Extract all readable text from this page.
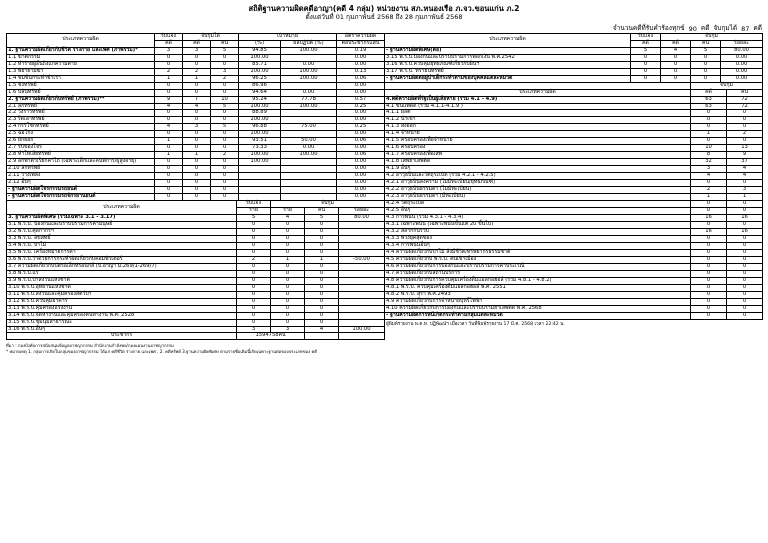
สถิติฐานความผิดคดีอาญา(คดี 4 กลุ่ม) หน่วยงาน สภ.หนองเรือ ภ.จว.ขอนแก่น ภ.2
ตั้งแต่วันที่ 01 กุมภาพันธ์ 2568 ถึง 28 กุมภาพันธ์ 2568

จำนวนคดีที่รับคำร้องทุกข์ 90 คดี จับกุมได้ 87 คดี
ประเภทความผิด	รับแจ้ง	จับกุมได้		เป้าหมาย		อัตราความผิด
	คดี	คดี	คน	(%)	ผลปฏิบัติ (%)	ต่อประชากรแสน
1. ฐานความผิดเกี่ยวกับชีวิต ร่างกาย และเพศ (ภาพรวม)*	3	3	5	94.85	100.00	0.19
1.1 ฆาตกรรม	0	0	0	100.00		0.00
1.2 ทำร้ายผู้อื่นถึงแก่ความตาย	0	0	0	85.71	0.00	0.00
1.3 พยายามฆ่า	2	2	3	100.00	100.00	0.13
1.4 ข่มขืนกระทำชำเรา	1	1	2	96.25	100.00	0.06
1.5 ชิงทรัพย์	0	0	0	86.96		0.00
1.6 ปล้นทรัพย์	0	0	0	94.64	0.00	0.00
2. ฐานความผิดเกี่ยวกับทรัพย์ (ภาพรวม)**	9	7	10	95.24	77.78	0.57
2.1 ลักทรัพย์	4	4	5	100.00	100.00	0.25
2.2 วิ่งราวทรัพย์	0	0	0	88.89		0.00
2.3 รีดเอาทรัพย์	0	0	0	100.00		0.00
2.4 กรรโชกทรัพย์	4	3	5	96.88	75.00	0.25
2.5 ฉ้อโกง	0	0	0	100.00		0.00
2.6 ยักยอก	1	0	0	93.51	50.00	0.06
2.7 รับของโจร	0	0	0	73.33	0.00	0.00
2.8 ทำให้เสียทรัพย์	1	1	2	100.00	100.00	0.06
2.9 ลักพาตัวเรียกค่าไถ่ (เฉพาะเด็กและคนพิการ/ผู้สูงอายุ)	0	0	0	100.00		0.00
2.10 ลักทรัพย์	0	0	0			0.00
2.11 วางเพลิง	0	0	0			0.00
2.12 อื่นๆ	0	0	0			0.00
- ฐานความผิดโจรกรรมรถยนต์	0	0	0			0.00
- ฐานความผิดโจรกรรมรถจักรยานยนต์	0	0	0			0.00
ประเภทความผิด	รับแจ้ง	จับกุม		
	ราย	ราย	คน	ร้อยละ
3. ฐานความผิดพิเศษ (รวมเฉพาะ 3.1 - 3.17)	5	4	5	80.00
3.1 พ.ร.บ. ป้องกันและปราบปรามการค้ามนุษย์	0	0	0	
3.2 พ.ร.บ.ศุลกากรฯ	0	0	0	
3.3 พ.ร.บ. ลิขสิทธิ์	0	0	0	
3.4 พ.ร.บ. ป่าไม้	0	0	0	
3.5 พ.ร.บ. เครื่องหมายการค้า	0	0	0	
3.6 พ.ร.บ.ว่าด้วยการกระทำผิดเกี่ยวกับคอมพิวเตอร์	2	1	1	-50.00
3.7 ความผิดเกี่ยวกับบัตรอิเล็กทรอนิกส์ (ป.อาญา ม.269/1-269/7)	0	0	0	
3.8 พ.ร.บ.แร่	0	0	0	
3.9 พ.ร.บ.ป่าสงวนแห่งชาติ	0	0	0	
3.10 พ.ร.บ.อุทยานแห่งชาติ	0	0	0	
3.11 พ.ร.บ.สงวนและคุ้มครองสัตว์ป่า	0	0	0	
3.12 พ.ร.บ.ควบคุมอาคาร	0	0	0	
3.13 พ.ร.บ.คุ้มครองแรงงาน	0	0	0	
3.14 พ.ร.บ.จัดหางานและคุ้มครองคนหางาน พ.ศ. 2528	0	0	0	
3.15 พ.ร.บ.ชุมนุมสาธารณะ	0	0	0	
3.16 พ.ร.บ.อื่นๆ	3	3	4	100.00
ประชากร	1594758คน			
ประเภทความผิด	รับแจ้ง	จับกุม		
	คดี	คดี	คน	ร้อยละ
- ฐานความผิดพิเศษ(ต่อ)	5	4	5	80.00
3.15 พ.ร.บ.ป้องกันและปราบปรามการฟอกเงิน พ.ศ.2542	0	0	0	0.00
3.16 พ.ร.บ.ควบคุมยุทธภัณฑ์เกี่ยวกับฝิ่นฯ	0	0	0	0.00
3.17 พ.ร.บ. ทรายนทรัพย์	0	0	0	0.00
- ฐานความผิดต่อผู้บำเด็กระทำตามของบุคคลแต่ละหมวด	0	0	0	0.00
	จับกุม	
ประเภทความผิด	คดี	คน
4.คดีความผิดที่รัฐเป็นผู้เสียหาย (รวม 4.1 - 4.9)	63	72
4.1 ขนแพดิด (รวม 4.1.1-4.1.9 )	63	72
4.1.1 ผลิต	0	0
4.1.2 นำเข้า	0	0
4.1.3 ส่งออก	0	0
4.1.4 จำหน่าย	1	2
4.1.5 ครอบครองเพื่อจำหน่าย	0	0
4.1.6 ครอบครอง	10	13
4.1.7 ครอบครองเพื่อเสพ	8	9
4.1.8 เสพยาเสพติด	32	37
4.1.9 อื่นๆ	3	4
4.2 อาวุธปืนและวัตถุระเบิด (รวม 4.2.1 - 4.2.5)	4	4
4.2.1 อาวุธปืนสงคราม (ไม่มีทะเบียน/ยุทธภัณฑ์)	0	0
4.2.2 อาวุธปืนธรรมดา (ไม่มีทะเบียน)	2	3
4.2.3 อาวุธปืนธรรมดา (มีทะเบียน)	1	1
4.2.4 วัตถุระเบิด	0	0
4.2.5 อื่นๆ	0	0
4.3 การพนัน (รวม 4.3.1 - 4.3.4)	16	16
4.3.1 เฉพาะพนัน (เฉพาะพนันขั้นแต่ 20 ขึ้นไป)	0	0
4.3.2 สลากกินรวบ	16	16
4.3.3 พวงยุคสุดของ	0	0
4.3.4 การพนันอื่นๆ	0	0
4.4 ความผิดเกี่ยวกับป่าไม้ สิ่งมีชีวิต/ทรัพยากรธรรมชาติ	0	0
4.5 ความผิดเกี่ยวกับ พ.ร.บ. คนเข้าเมือง	0	0
4.6 ความผิดเกี่ยวกับการป้องกันและปราบปรามการค้าประเวณี	0	0
4.7 ความผิดเกี่ยวกับสถานบริการ	0	0
4.8 ความผิดเกี่ยวกับการควบคุมเครื่องดื่มแอลกอฮอล์ (รวม 4.8.1 - 4.8.2)	0	0
4.8.1 พ.ร.บ. ควบคุมเครื่องดื่มแอลกอฮอล์ พ.ศ. 2551	0	0
4.8.2 พ.ร.บ. สุรา พ.ศ.2493	0	0
4.9 ความผิดเกี่ยวกับการจำหน่ายบุหรี่ไฟฟ้า	0	0
4.10 ความผิดเกี่ยวกับการป้องกันและปราบปรามยาเสพติด พ.ศ. 2568	0	0
- ฐานความผิดการหนีเกิดกระทำตามกลุ่มแต่ละหมวด	0	0
ผู้พิมพ์รายงาน พ.ต.ท. ปฏิพัฒน์ฯ เมื่อเวลา วันที่พิมพ์รายงาน 17 มี.ค. 2568 เวลา 22:42 น.
ที่มา : กองบังคับการสนับสนุนข้อมูลอาชญากรรม สำนักงานกำลังพล/กองแผนงานอาชญากรรม
* หมายเหตุ 1. กลุ่มการเกิดในกลุ่มของอาชญากรรม ได้แก่ คดีชีวิต ร่างกาย และเพศ , 2. คดีทรัพย์ 3.ฐานความผิดพิเศษ ตามรายชื่อเดิมนี้เกิดเฉพาะฐานต่อของประเภทของ คดี
